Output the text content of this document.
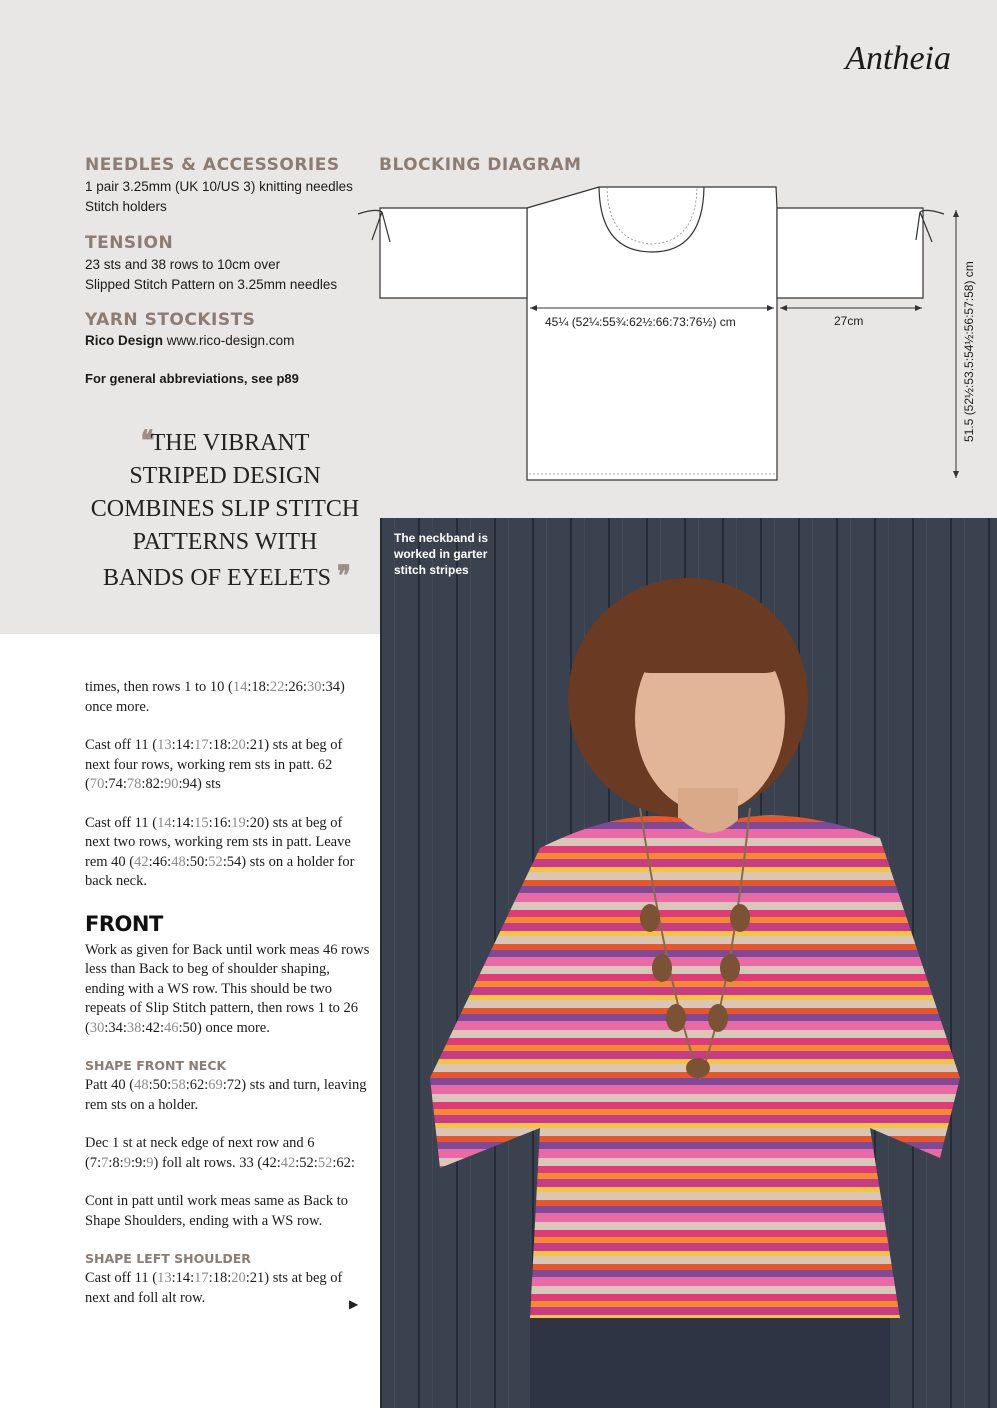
Antheia
NEEDLES & ACCESSORIES
1 pair 3.25mm (UK 10/US 3) knitting needles
Stitch holders
TENSION
23 sts and 38 rows to 10cm over
Slipped Stitch Pattern on 3.25mm needles
YARN STOCKISTS
Rico Design www.rico-design.com
For general abbreviations, see p89
❛❛THE VIBRANT
STRIPED DESIGN
COMBINES SLIP STITCH
PATTERNS WITH
BANDS OF EYELETS ❜❜
BLOCKING DIAGRAM
45¼ (52¼:55¾:62½:66:73:76½) cm	27cm	51.5 (52½:53.5:54½:56:57:58) cm
The neckband is worked in garter stitch stripes

times, then rows 1 to 10 (14:18:22:26:30:34) once more.

Cast off 11 (13:14:17:18:20:21) sts at beg of next four rows, working rem sts in patt. 62 (70:74:78:82:90:94) sts

Cast off 11 (14:14:15:16:19:20) sts at beg of next two rows, working rem sts in patt. Leave rem 40 (42:46:48:50:52:54) sts on a holder for back neck.

FRONT

Work as given for Back until work meas 46 rows less than Back to beg of shoulder shaping, ending with a WS row. This should be two repeats of Slip Stitch pattern, then rows 1 to 26 (30:34:38:42:46:50) once more.

SHAPE FRONT NECK

Patt 40 (48:50:58:62:69:72) sts and turn, leaving rem sts on a holder.

Dec 1 st at neck edge of next row and 6 (7:7:8:9:9:9) foll alt rows. 33 (42:42:52:52:62:

Cont in patt until work meas same as Back to Shape Shoulders, ending with a WS row.

SHAPE LEFT SHOULDER

Cast off 11 (13:14:17:18:20:21) sts at beg of next and foll alt row.	▶
